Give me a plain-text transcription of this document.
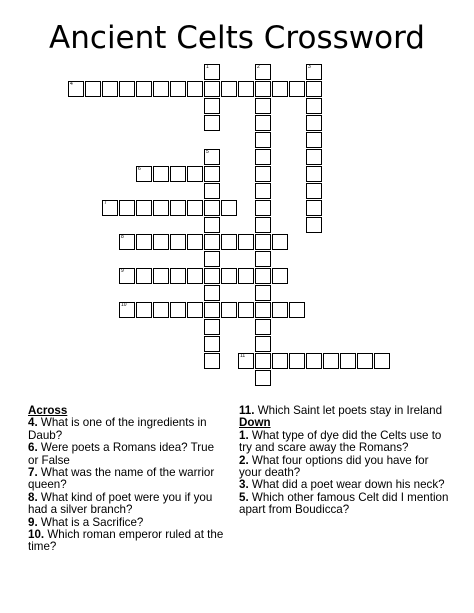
Ancient Celts Crossword
1	2	3
4
5
6
7
8
9
10
11
Across

4. What is one of the ingredients in Daub?

6. Were poets a Romans idea? True or False

7. What was the name of the warrior queen?

8. What kind of poet were you if you had a silver branch?

9. What is a Sacrifice?

10. Which roman emperor ruled at the time?

11. Which Saint let poets stay in Ireland

Down

1. What type of dye did the Celts use to try and scare away the Romans?

2. What four options did you have for your death?

3. What did a poet wear down his neck?

5. Which other famous Celt did I mention apart from Boudicca?
